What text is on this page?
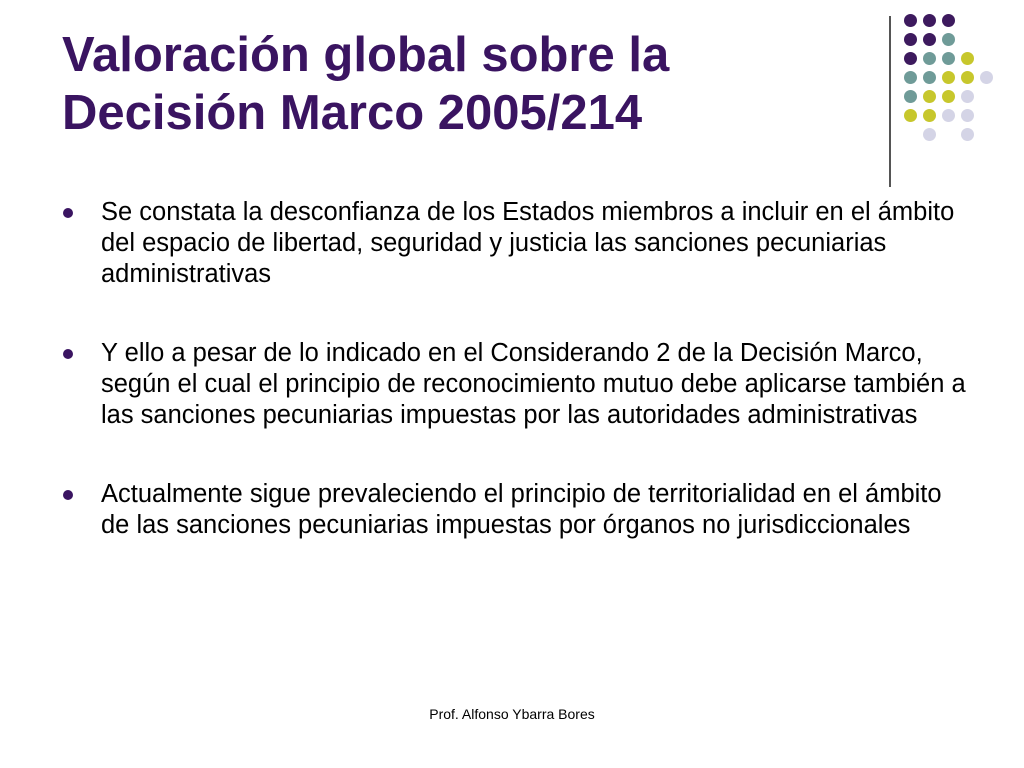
Valoración global sobre la
Decisión Marco 2005/214
Se constata la desconfianza de los Estados miembros a incluir en el ámbito del espacio de libertad, seguridad y justicia las sanciones pecuniarias administrativas
Y ello a pesar de lo indicado en el Considerando 2 de la Decisión Marco, según el cual el principio de reconocimiento mutuo debe aplicarse también a las sanciones pecuniarias impuestas por las autoridades administrativas
Actualmente sigue prevaleciendo el principio de territorialidad en el ámbito de las sanciones pecuniarias impuestas por órganos no jurisdiccionales
Prof. Alfonso Ybarra Bores
